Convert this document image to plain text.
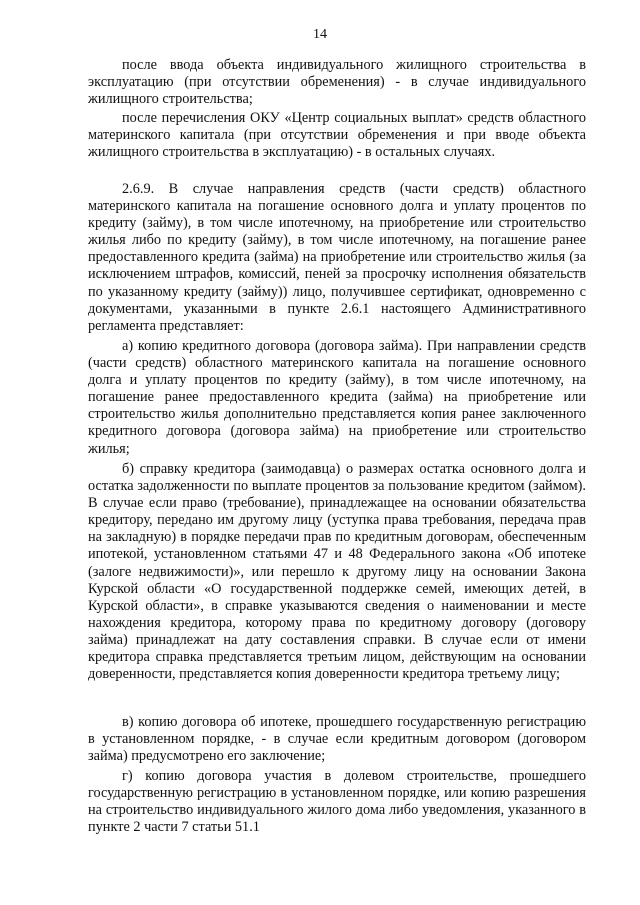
14

после ввода объекта индивидуального жилищного строительства в эксплуатацию (при отсутствии обременения) - в случае индивидуального жилищного строительства;

после перечисления ОКУ «Центр социальных выплат» средств областного материнского капитала (при отсутствии обременения и при вводе объекта жилищного строительства в эксплуатацию) - в остальных случаях.

2.6.9. В случае направления средств (части средств) областного материнского капитала на погашение основного долга и уплату процентов по кредиту (займу), в том числе ипотечному, на приобретение или строительство жилья либо по кредиту (займу), в том числе ипотечному, на погашение ранее предоставленного кредита (займа) на приобретение или строительство жилья (за исключением штрафов, комиссий, пеней за просрочку исполнения обязательств по указанному кредиту (займу)) лицо, получившее сертификат, одновременно с документами, указанными в пункте 2.6.1 настоящего Административного регламента представляет:

а) копию кредитного договора (договора займа). При направлении средств (части средств) областного материнского капитала на погашение основного долга и уплату процентов по кредиту (займу), в том числе ипотечному, на погашение ранее предоставленного кредита (займа) на приобретение или строительство жилья дополнительно представляется копия ранее заключенного кредитного договора (договора займа) на приобретение или строительство жилья;

б) справку кредитора (заимодавца) о размерах остатка основного долга и остатка задолженности по выплате процентов за пользование кредитом (займом). В случае если право (требование), принадлежащее на основании обязательства кредитору, передано им другому лицу (уступка права требования, передача прав на закладную) в порядке передачи прав по кредитным договорам, обеспеченным ипотекой, установленном статьями 47 и 48 Федерального закона «Об ипотеке (залоге недвижимости)», или перешло к другому лицу на основании Закона Курской области «О государственной поддержке семей, имеющих детей, в Курской области», в справке указываются сведения о наименовании и месте нахождения кредитора, которому права по кредитному договору (договору займа) принадлежат на дату составления справки. В случае если от имени кредитора справка представляется третьим лицом, действующим на основании доверенности, представляется копия доверенности кредитора третьему лицу;

в) копию договора об ипотеке, прошедшего государственную регистрацию в установленном порядке, - в случае если кредитным договором (договором займа) предусмотрено его заключение;

г) копию договора участия в долевом строительстве, прошедшего государственную регистрацию в установленном порядке, или копию разрешения на строительство индивидуального жилого дома либо уведомления, указанного в пункте 2 части 7 статьи 51.1
